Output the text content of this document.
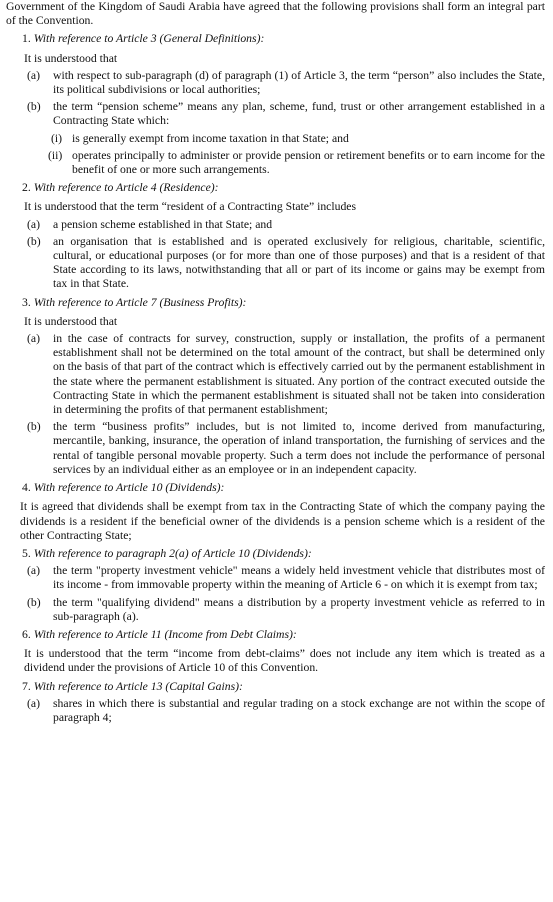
Government of the Kingdom of Saudi Arabia have agreed that the following provisions shall form an integral part of the Convention.

1. With reference to Article 3 (General Definitions):

It is understood that

(a) with respect to sub-paragraph (d) of paragraph (1) of Article 3, the term “person” also includes the State, its political subdivisions or local authorities;

(b) the term “pension scheme” means any plan, scheme, fund, trust or other arrangement established in a Contracting State which:

(i) is generally exempt from income taxation in that State; and

(ii) operates principally to administer or provide pension or retirement benefits or to earn income for the benefit of one or more such arrangements.

2. With reference to Article 4 (Residence):

It is understood that the term “resident of a Contracting State” includes

(a) a pension scheme established in that State; and

(b) an organisation that is established and is operated exclusively for religious, charitable, scientific, cultural, or educational purposes (or for more than one of those purposes) and that is a resident of that State according to its laws, notwithstanding that all or part of its income or gains may be exempt from tax in that State.

3. With reference to Article 7 (Business Profits):

It is understood that

(a) in the case of contracts for survey, construction, supply or installation, the profits of a permanent establishment shall not be determined on the total amount of the contract, but shall be determined only on the basis of that part of the contract which is effectively carried out by the permanent establishment in the state where the permanent establishment is situated. Any portion of the contract executed outside the Contracting State in which the permanent establishment is situated shall not be taken into consideration in determining the profits of that permanent establishment;

(b) the term “business profits” includes, but is not limited to, income derived from manufacturing, mercantile, banking, insurance, the operation of inland transportation, the furnishing of services and the rental of tangible personal movable property. Such a term does not include the performance of personal services by an individual either as an employee or in an independent capacity.

4. With reference to Article 10 (Dividends):

It is agreed that dividends shall be exempt from tax in the Contracting State of which the company paying the dividends is a resident if the beneficial owner of the dividends is a pension scheme which is a resident of the other Contracting State;

5. With reference to paragraph 2(a) of Article 10 (Dividends):

(a) the term "property investment vehicle" means a widely held investment vehicle that distributes most of its income - from immovable property within the meaning of Article 6 - on which it is exempt from tax;

(b) the term "qualifying dividend" means a distribution by a property investment vehicle as referred to in sub-paragraph (a).

6. With reference to Article 11 (Income from Debt Claims):

It is understood that the term “income from debt-claims” does not include any item which is treated as a dividend under the provisions of Article 10 of this Convention.

7. With reference to Article 13 (Capital Gains):

(a) shares in which there is substantial and regular trading on a stock exchange are not within the scope of paragraph 4;
